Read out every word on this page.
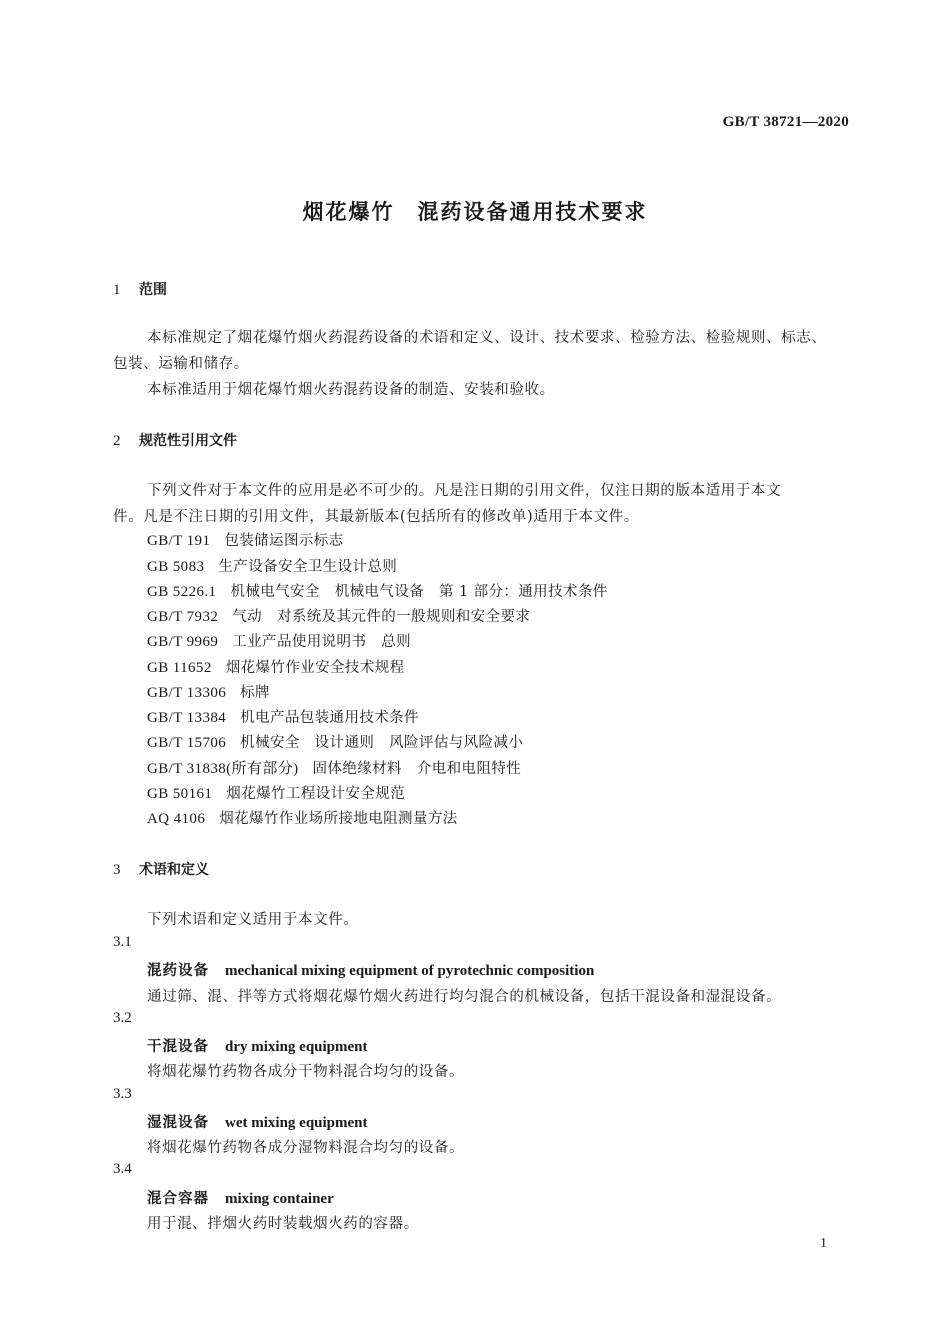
GB/T 38721—2020
烟花爆竹　混药设备通用技术要求
1 范围
本标准规定了烟花爆竹烟火药混药设备的术语和定义、设计、技术要求、检验方法、检验规则、标志、
包装、运输和储存。
本标准适用于烟花爆竹烟火药混药设备的制造、安装和验收。
2 规范性引用文件
下列文件对于本文件的应用是必不可少的。凡是注日期的引用文件，仅注日期的版本适用于本文
件。凡是不注日期的引用文件，其最新版本(包括所有的修改单)适用于本文件。
GB/T 191 包装储运图示标志
GB 5083 生产设备安全卫生设计总则
GB 5226.1 机械电气安全　机械电气设备　第 1 部分：通用技术条件
GB/T 7932 气动　对系统及其元件的一般规则和安全要求
GB/T 9969 工业产品使用说明书　总则
GB 11652 烟花爆竹作业安全技术规程
GB/T 13306 标牌
GB/T 13384 机电产品包装通用技术条件
GB/T 15706 机械安全　设计通则　风险评估与风险减小
GB/T 31838(所有部分) 固体绝缘材料　介电和电阻特性
GB 50161 烟花爆竹工程设计安全规范
AQ 4106 烟花爆竹作业场所接地电阻测量方法
3 术语和定义
下列术语和定义适用于本文件。
3.1
混药设备 mechanical mixing equipment of pyrotechnic composition
通过筛、混、拌等方式将烟花爆竹烟火药进行均匀混合的机械设备，包括干混设备和湿混设备。
3.2
干混设备 dry mixing equipment
将烟花爆竹药物各成分干物料混合均匀的设备。
3.3
湿混设备 wet mixing equipment
将烟花爆竹药物各成分湿物料混合均匀的设备。
3.4
混合容器 mixing container
用于混、拌烟火药时装载烟火药的容器。
1
